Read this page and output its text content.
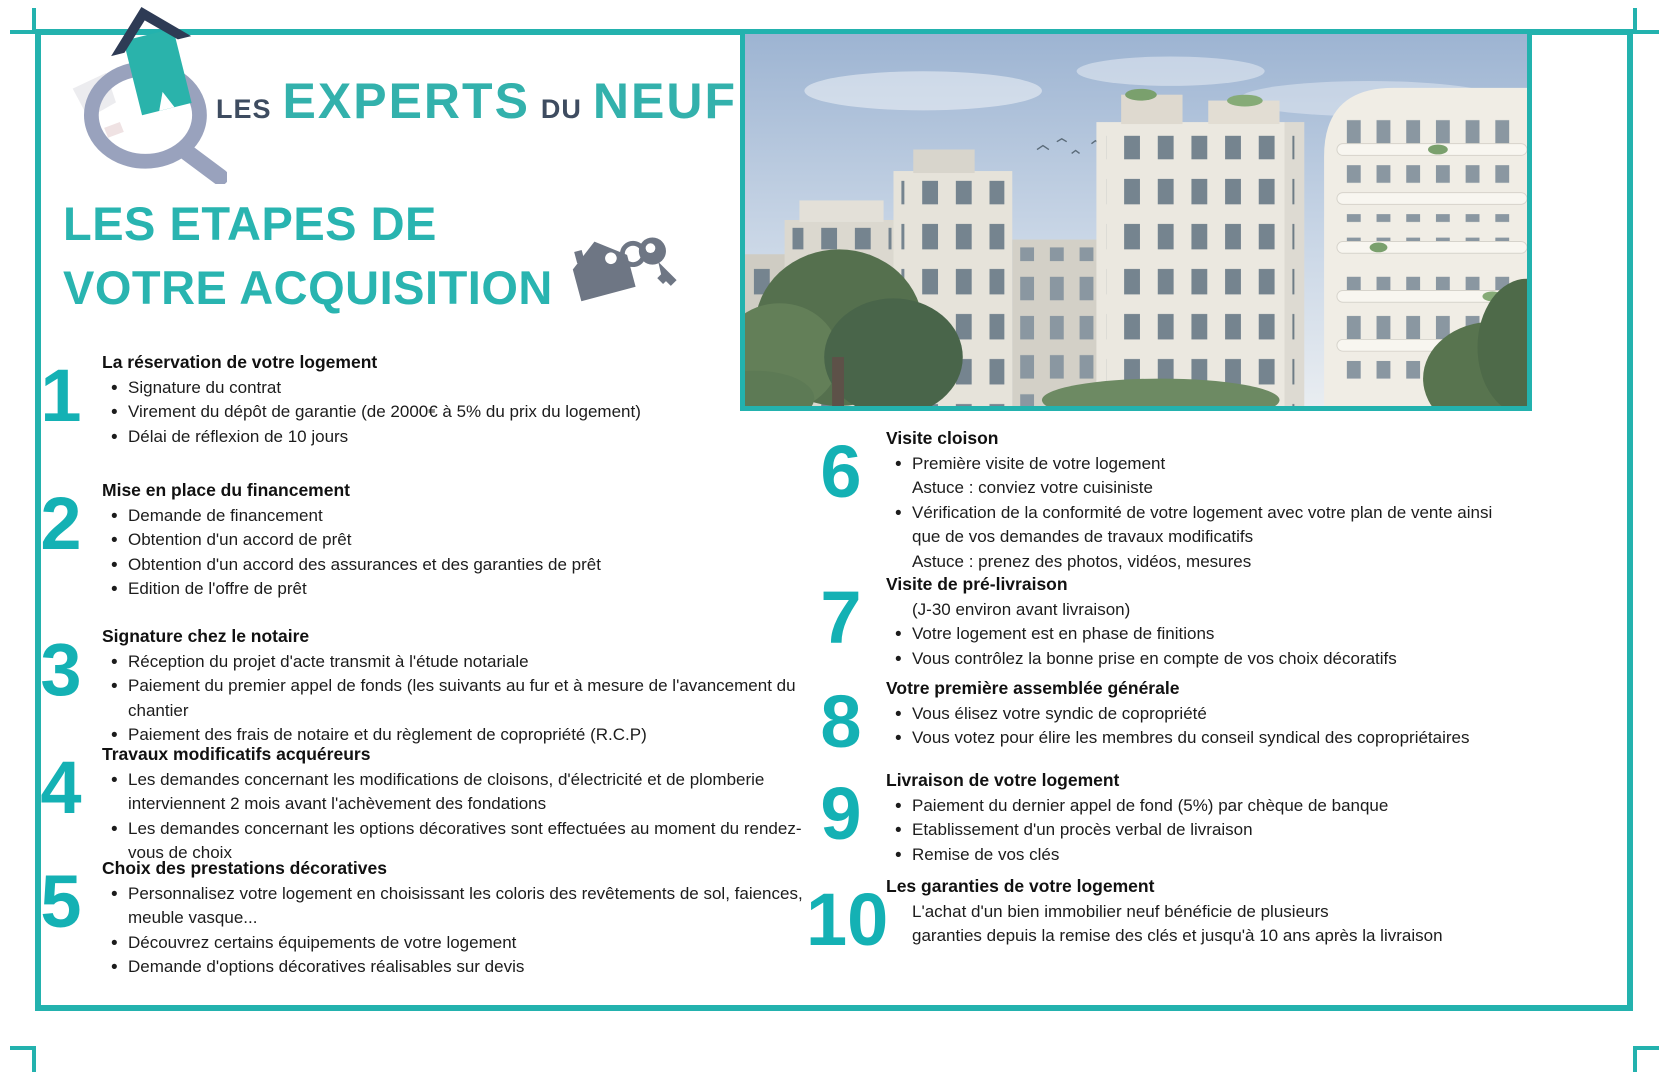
LES EXPERTS DU NEUF
LES ETAPES DE
VOTRE ACQUISITION
1	La réservation de votre logement
• Signature du contrat
• Virement du dépôt de garantie (de 2000€ à 5% du prix du logement)
• Délai de réflexion de 10 jours
2	Mise en place du financement
• Demande de financement
• Obtention d'un accord de prêt
• Obtention d'un accord des assurances et des garanties de prêt
• Edition de l'offre de prêt
3	Signature chez le notaire
• Réception du projet d'acte transmit à l'étude notariale
• Paiement du premier appel de fonds (les suivants au fur et à mesure de l'avancement du chantier
• Paiement des frais de notaire et du règlement de copropriété (R.C.P)
4	Travaux modificatifs acquéreurs
• Les demandes concernant les modifications de cloisons, d'électricité et de plomberie interviennent 2 mois avant l'achèvement des fondations
• Les demandes concernant les options décoratives sont effectuées au moment du rendez-vous de choix
5	Choix des prestations décoratives
• Personnalisez votre logement en choisissant les coloris des revêtements de sol, faiences, meuble vasque...
• Découvrez certains équipements de votre logement
• Demande d'options décoratives réalisables sur devis
6	Visite cloison
• Première visite de votre logement
Astuce : conviez votre cuisiniste
• Vérification de la conformité de votre logement avec votre plan de vente ainsi que de vos demandes de travaux modificatifs
Astuce : prenez des photos, vidéos, mesures
7	Visite de pré-livraison
(J-30 environ avant livraison)
• Votre logement est en phase de finitions
• Vous contrôlez la bonne prise en compte de vos choix décoratifs
8	Votre première assemblée générale
• Vous élisez votre syndic de copropriété
• Vous votez pour élire les membres du conseil syndical des copropriétaires
9	Livraison de votre logement
• Paiement du dernier appel de fond (5%) par chèque de banque
• Etablissement d'un procès verbal de livraison
• Remise de vos clés
10
Les garanties de votre logement
L'achat d'un bien immobilier neuf bénéficie de plusieurs
garanties depuis la remise des clés et jusqu'à 10 ans après la livraison
